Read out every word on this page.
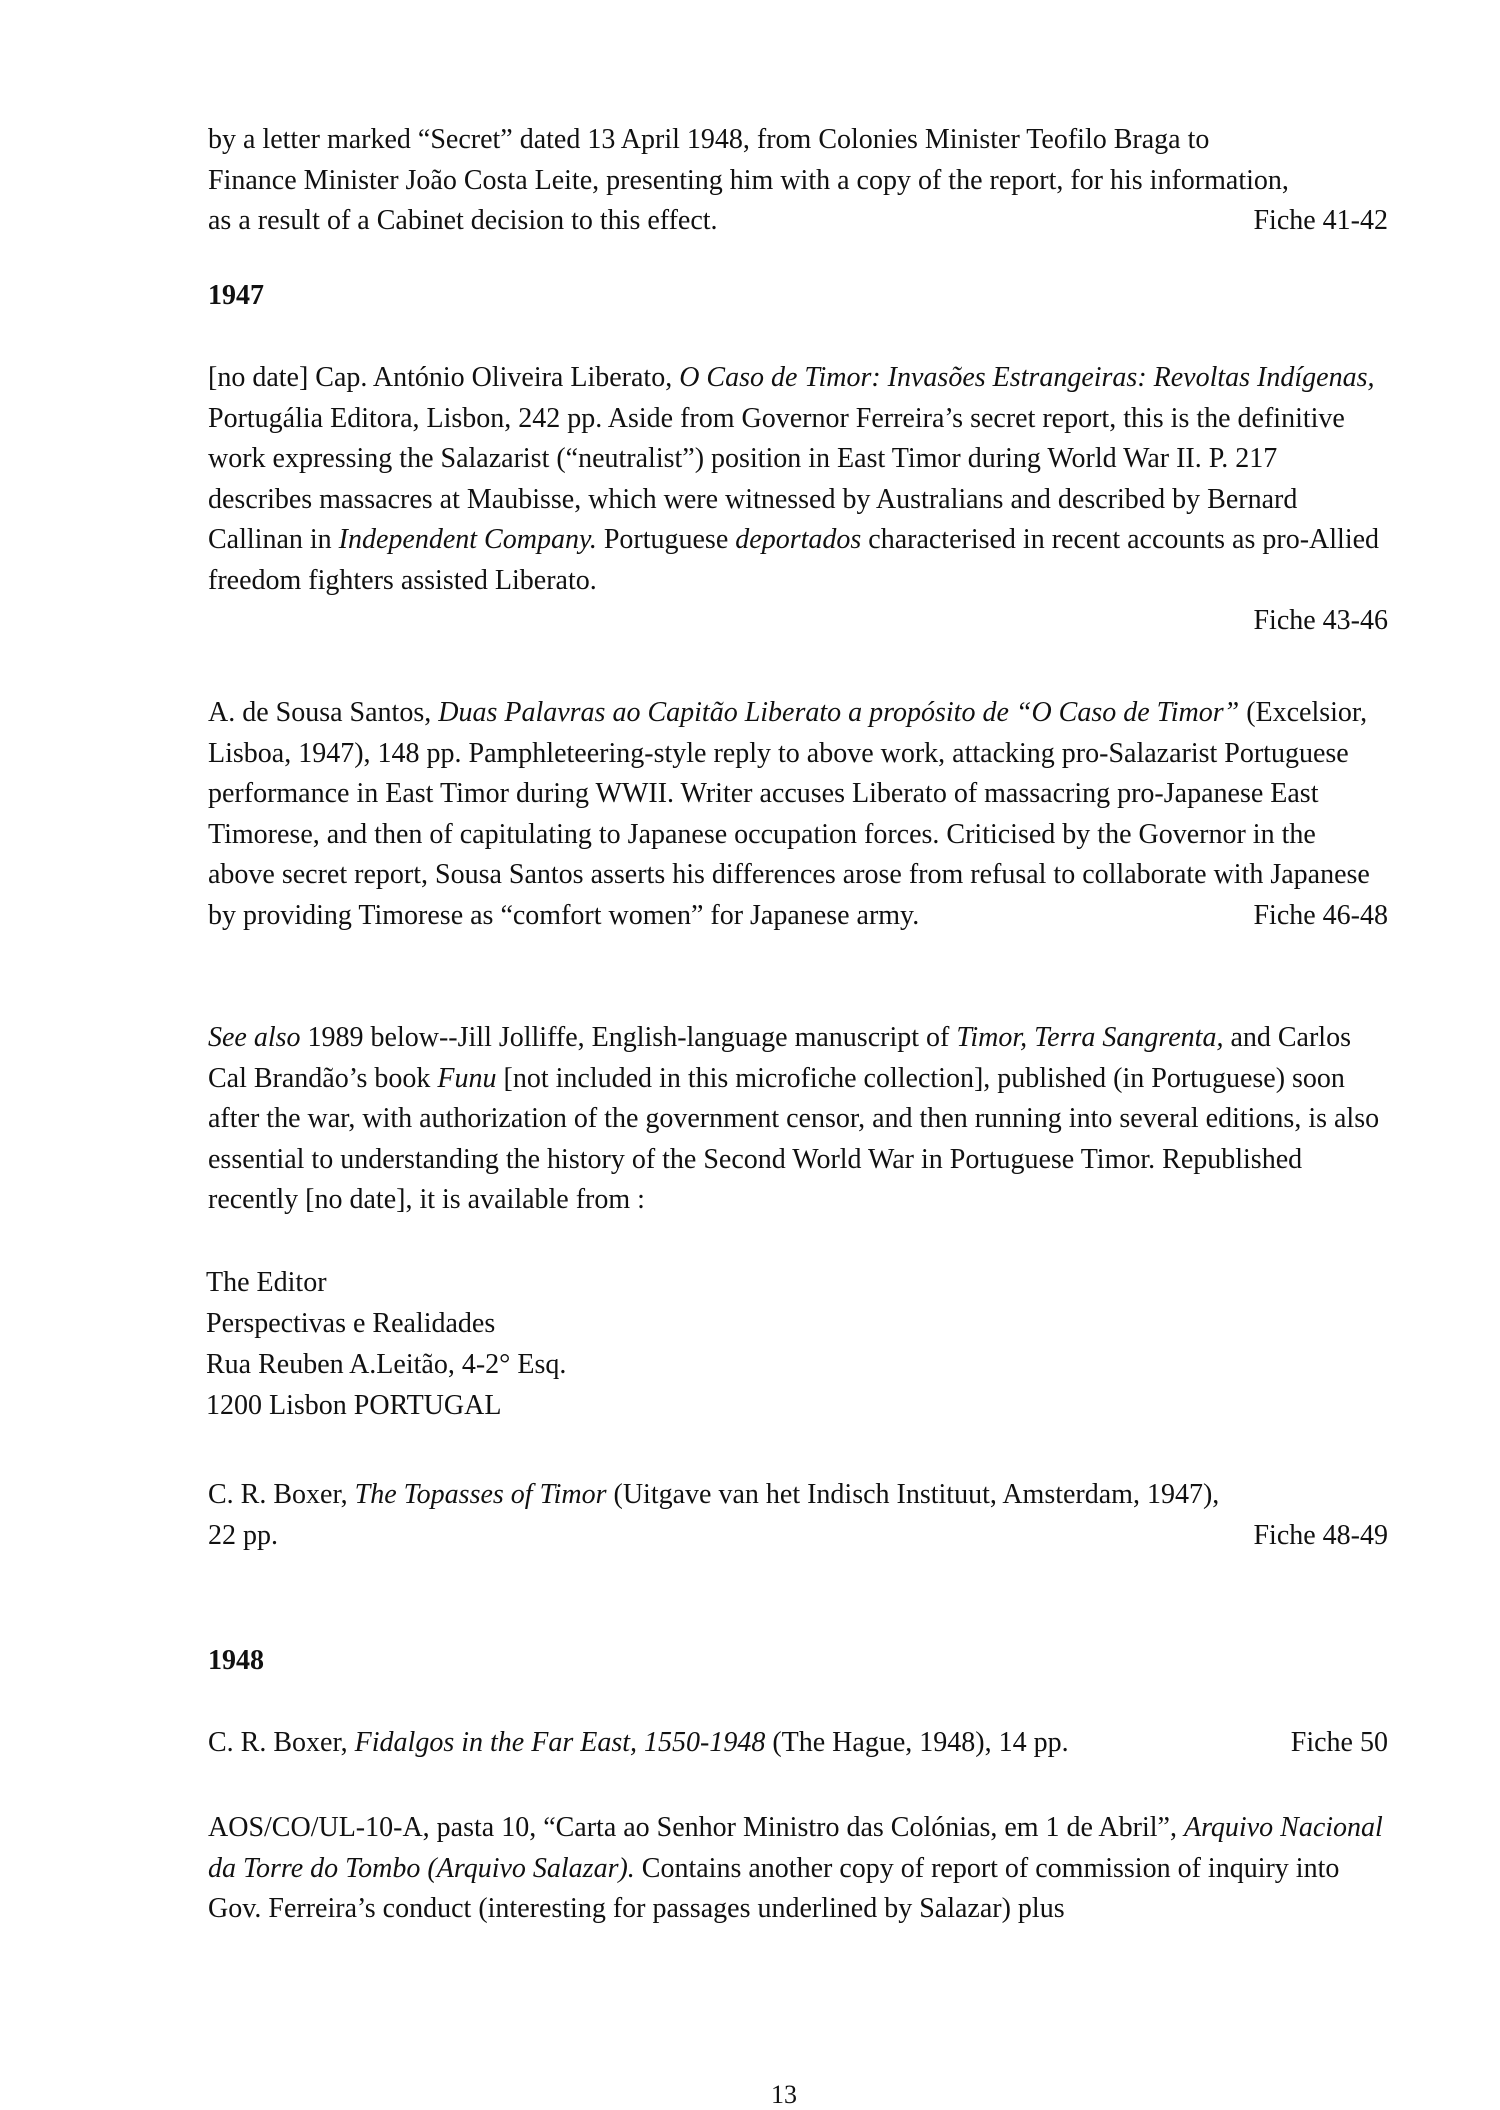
by a letter marked “Secret” dated 13 April 1948, from Colonies Minister Teofilo Braga to

Finance Minister João Costa Leite, presenting him with a copy of the report, for his information,

as a result of a Cabinet decision to this effect.	Fiche 41-42

1947

[no date] Cap. António Oliveira Liberato, O Caso de Timor: Invasões Estrangeiras: Revoltas Indígenas, Portugália Editora, Lisbon, 242 pp. Aside from Governor Ferreira’s secret report, this is the definitive work expressing the Salazarist (“neutralist”) position in East Timor during World War II. P. 217 describes massacres at Maubisse, which were witnessed by Australians and described by Bernard Callinan in Independent Company. Portuguese deportados characterised in recent accounts as pro-Allied freedom fighters assisted Liberato.

Fiche 43-46

A. de Sousa Santos, Duas Palavras ao Capitão Liberato a propósito de “O Caso de Timor” (Excelsior, Lisboa, 1947), 148 pp. Pamphleteering-style reply to above work, attacking pro-Salazarist Portuguese performance in East Timor during WWII. Writer accuses Liberato of massacring pro-Japanese East Timorese, and then of capitulating to Japanese occupation forces. Criticised by the Governor in the above secret report, Sousa Santos asserts his differences arose from refusal to collaborate with Japanese by providing Timorese as “comfort women” for Japanese army.	Fiche 46-48

See also 1989 below--Jill Jolliffe, English-language manuscript of Timor, Terra Sangrenta, and Carlos Cal Brandão’s book Funu [not included in this microfiche collection], published (in Portuguese) soon after the war, with authorization of the government censor, and then running into several editions, is also essential to understanding the history of the Second World War in Portuguese Timor. Republished recently [no date], it is available from :

The Editor
Perspectivas e Realidades
Rua Reuben A.Leitão, 4-2° Esq.
1200 Lisbon PORTUGAL

C. R. Boxer, The Topasses of Timor (Uitgave van het Indisch Instituut, Amsterdam, 1947),

22 pp.	Fiche 48-49

1948

C. R. Boxer, Fidalgos in the Far East, 1550-1948 (The Hague, 1948), 14 pp.	Fiche 50

AOS/CO/UL-10-A, pasta 10, “Carta ao Senhor Ministro das Colónias, em 1 de Abril”, Arquivo Nacional da Torre do Tombo (Arquivo Salazar). Contains another copy of report of commission of inquiry into Gov. Ferreira’s conduct (interesting for passages underlined by Salazar) plus

13
